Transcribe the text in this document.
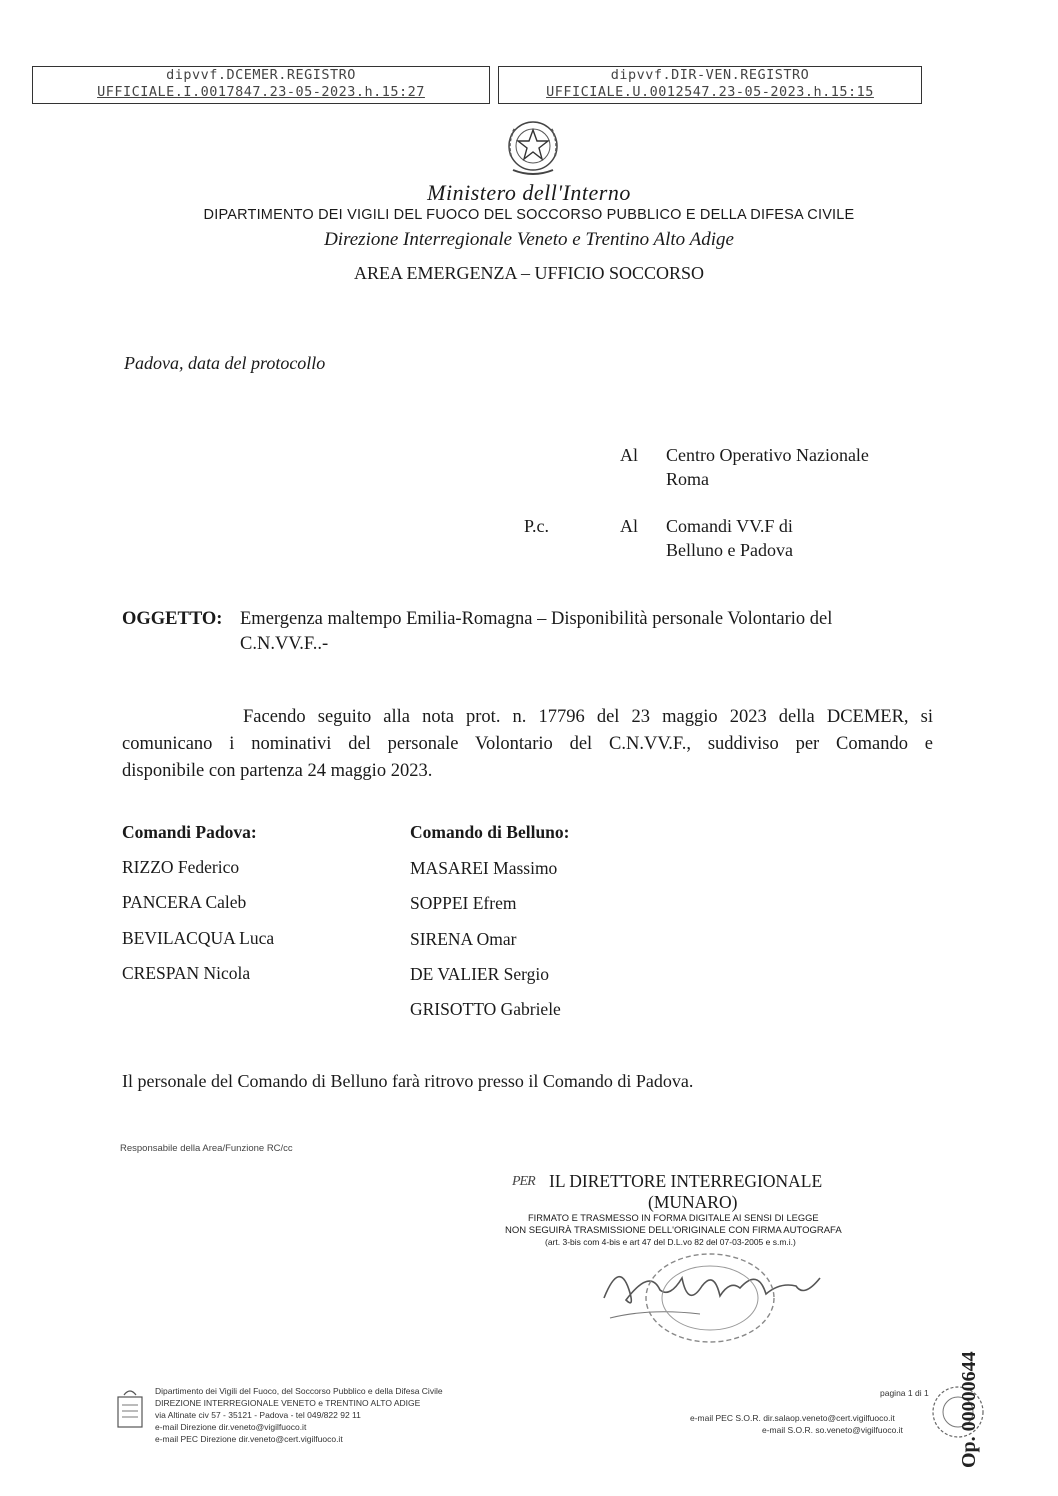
dipvvf.DCEMER.REGISTRO
UFFICIALE.I.0017847.23-05-2023.h.15:27
dipvvf.DIR-VEN.REGISTRO
UFFICIALE.U.0012547.23-05-2023.h.15:15
Ministero dell'Interno
DIPARTIMENTO DEI VIGILI DEL FUOCO DEL SOCCORSO PUBBLICO E DELLA DIFESA CIVILE
Direzione Interregionale Veneto e Trentino Alto Adige
AREA EMERGENZA – UFFICIO SOCCORSO
Padova, data del protocollo
Al Centro Operativo Nazionale
Roma
P.c.	Al Comandi VV.F di
Belluno e Padova
OGGETTO: Emergenza maltempo Emilia-Romagna – Disponibilità personale Volontario del
C.N.VV.F..-
Facendo seguito alla nota prot. n. 17796 del 23 maggio 2023 della DCEMER, si
comunicano i nominativi del personale Volontario del C.N.VV.F., suddiviso per Comando e
disponibile con partenza 24 maggio 2023.
Comandi Padova:
RIZZO Federico
PANCERA Caleb
BEVILACQUA Luca
CRESPAN Nicola
Comando di Belluno:
MASAREI Massimo
SOPPEI Efrem
SIRENA Omar
DE VALIER Sergio
GRISOTTO Gabriele
Il personale del Comando di Belluno farà ritrovo presso il Comando di Padova.
Responsabile della Area/Funzione RC/cc
PER IL DIRETTORE INTERREGIONALE
(MUNARO)
FIRMATO E TRASMESSO IN FORMA DIGITALE AI SENSI DI LEGGE
NON SEGUIRÀ TRASMISSIONE DELL'ORIGINALE CON FIRMA AUTOGRAFA
(art. 3-bis com 4-bis e art 47 del D.L.vo 82 del 07-03-2005 e s.m.i.)
Dipartimento dei Vigili del Fuoco, del Soccorso Pubblico e della Difesa Civile
DIREZIONE INTERREGIONALE VENETO e TRENTINO ALTO ADIGE
via Altinate civ 57 - 35121 - Padova - tel 049/822 92 11
e-mail Direzione dir.veneto@vigilfuoco.it
e-mail PEC Direzione dir.veneto@cert.vigilfuoco.it
pagina 1 di 1
e-mail PEC S.O.R. dir.salaop.veneto@cert.vigilfuoco.it
e-mail S.O.R. so.veneto@vigilfuoco.it	Op. 00000644
